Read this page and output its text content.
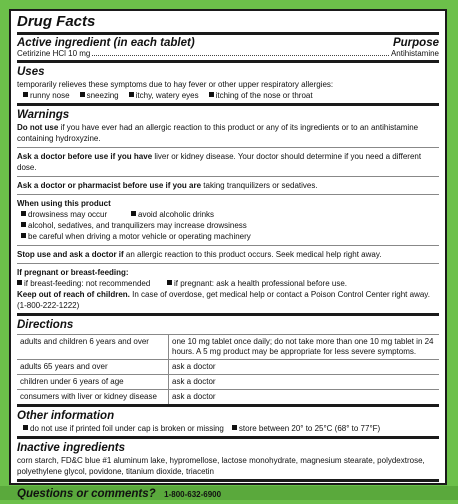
Drug Facts
Active ingredient (in each tablet)	Purpose
Cetirizine HCl 10 mg	Antihistamine
Uses
temporarily relieves these symptoms due to hay fever or other upper respiratory allergies:
runny nose sneezing itchy, watery eyes itching of the nose or throat
Warnings
Do not use if you have ever had an allergic reaction to this product or any of its ingredients or to an antihistamine containing hydroxyzine.
Ask a doctor before use if you have liver or kidney disease. Your doctor should determine if you need a different dose.
Ask a doctor or pharmacist before use if you are taking tranquilizers or sedatives.
When using this product
drowsiness may occur	avoid alcoholic drinks
alcohol, sedatives, and tranquilizers may increase drowsiness
be careful when driving a motor vehicle or operating machinery
Stop use and ask a doctor if an allergic reaction to this product occurs. Seek medical help right away.
If pregnant or breast-feeding:
if breast-feeding: not recommended	if pregnant: ask a health professional before use.
Keep out of reach of children. In case of overdose, get medical help or contact a Poison Control Center right away. (1-800-222-1222)
Directions
adults and children 6 years and over	one 10 mg tablet once daily; do not take more than one 10 mg tablet in 24 hours. A 5 mg product may be appropriate for less severe symptoms.
adults 65 years and over	ask a doctor
children under 6 years of age	ask a doctor
consumers with liver or kidney disease	ask a doctor
Other information
do not use if printed foil under cap is broken or missing store between 20° to 25°C (68° to 77°F)
Inactive ingredients
corn starch, FD&C blue #1 aluminum lake, hypromellose, lactose monohydrate, magnesium stearate, polydextrose, polyethylene glycol, povidone, titanium dioxide, triacetin
Questions or comments? 1-800-632-6900
